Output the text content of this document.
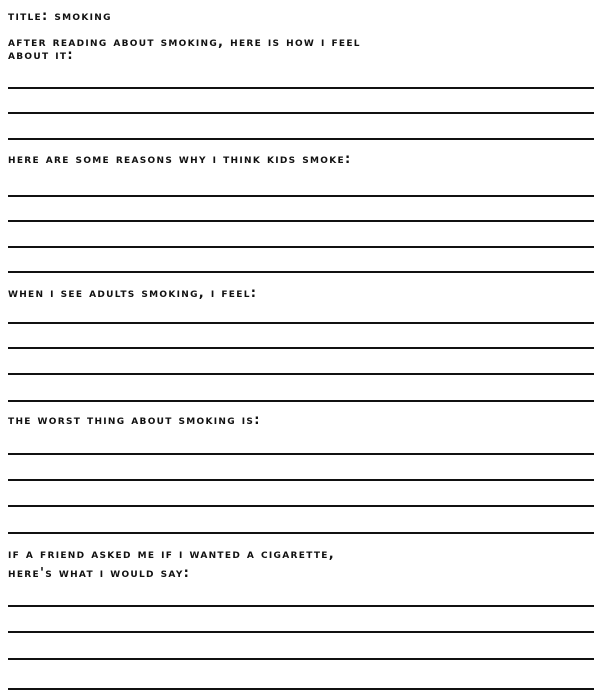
title: smoking
after reading about smoking, here is how i feel
about it:
here are some reasons why i think kids smoke:
when i see adults smoking, i feel:
the worst thing about smoking is:
if a friend asked me if i wanted a cigarette,
here's what i would say:
